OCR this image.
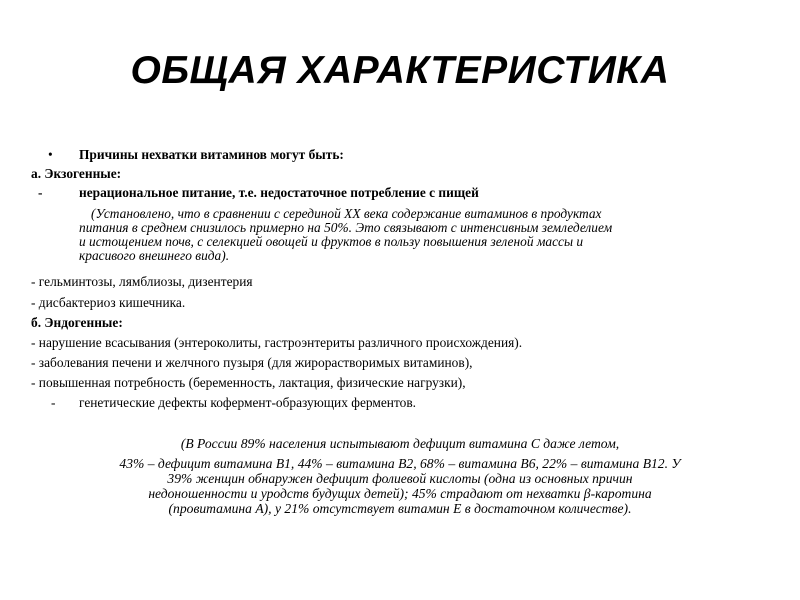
ОБЩАЯ ХАРАКТЕРИСТИКА
• Причины нехватки витаминов могут быть:
а. Экзогенные:
-	нерациональное питание, т.е. недостаточное потребление с пищей
(Установлено, что в сравнении с серединой XX века содержание витаминов в продуктах
питания в среднем снизилось примерно на 50%. Это связывают с интенсивным земледелием
и истощением почв, с селекцией овощей и фруктов в пользу повышения зеленой массы и
красивого внешнего вида).
- гельминтозы, лямблиозы, дизентерия
- дисбактериоз кишечника.
б. Эндогенные:
- нарушение всасывания (энтероколиты, гастроэнтериты различного происхождения).
- заболевания печени и желчного пузыря (для жирорастворимых витаминов),
- повышенная потребность (беременность, лактация, физические нагрузки),
- генетические дефекты кофермент-образующих ферментов.
(В России 89% населения испытывают дефицит витамина С даже летом,
43% – дефицит витамина В1, 44% – витамина В2, 68% – витамина В6, 22% – витамина В12. У
39% женщин обнаружен дефицит фолиевой кислоты (одна из основных причин
недоношенности и уродств будущих детей); 45% страдают от нехватки β-каротина
(провитамина А), у 21% отсутствует витамин Е в достаточном количестве).
